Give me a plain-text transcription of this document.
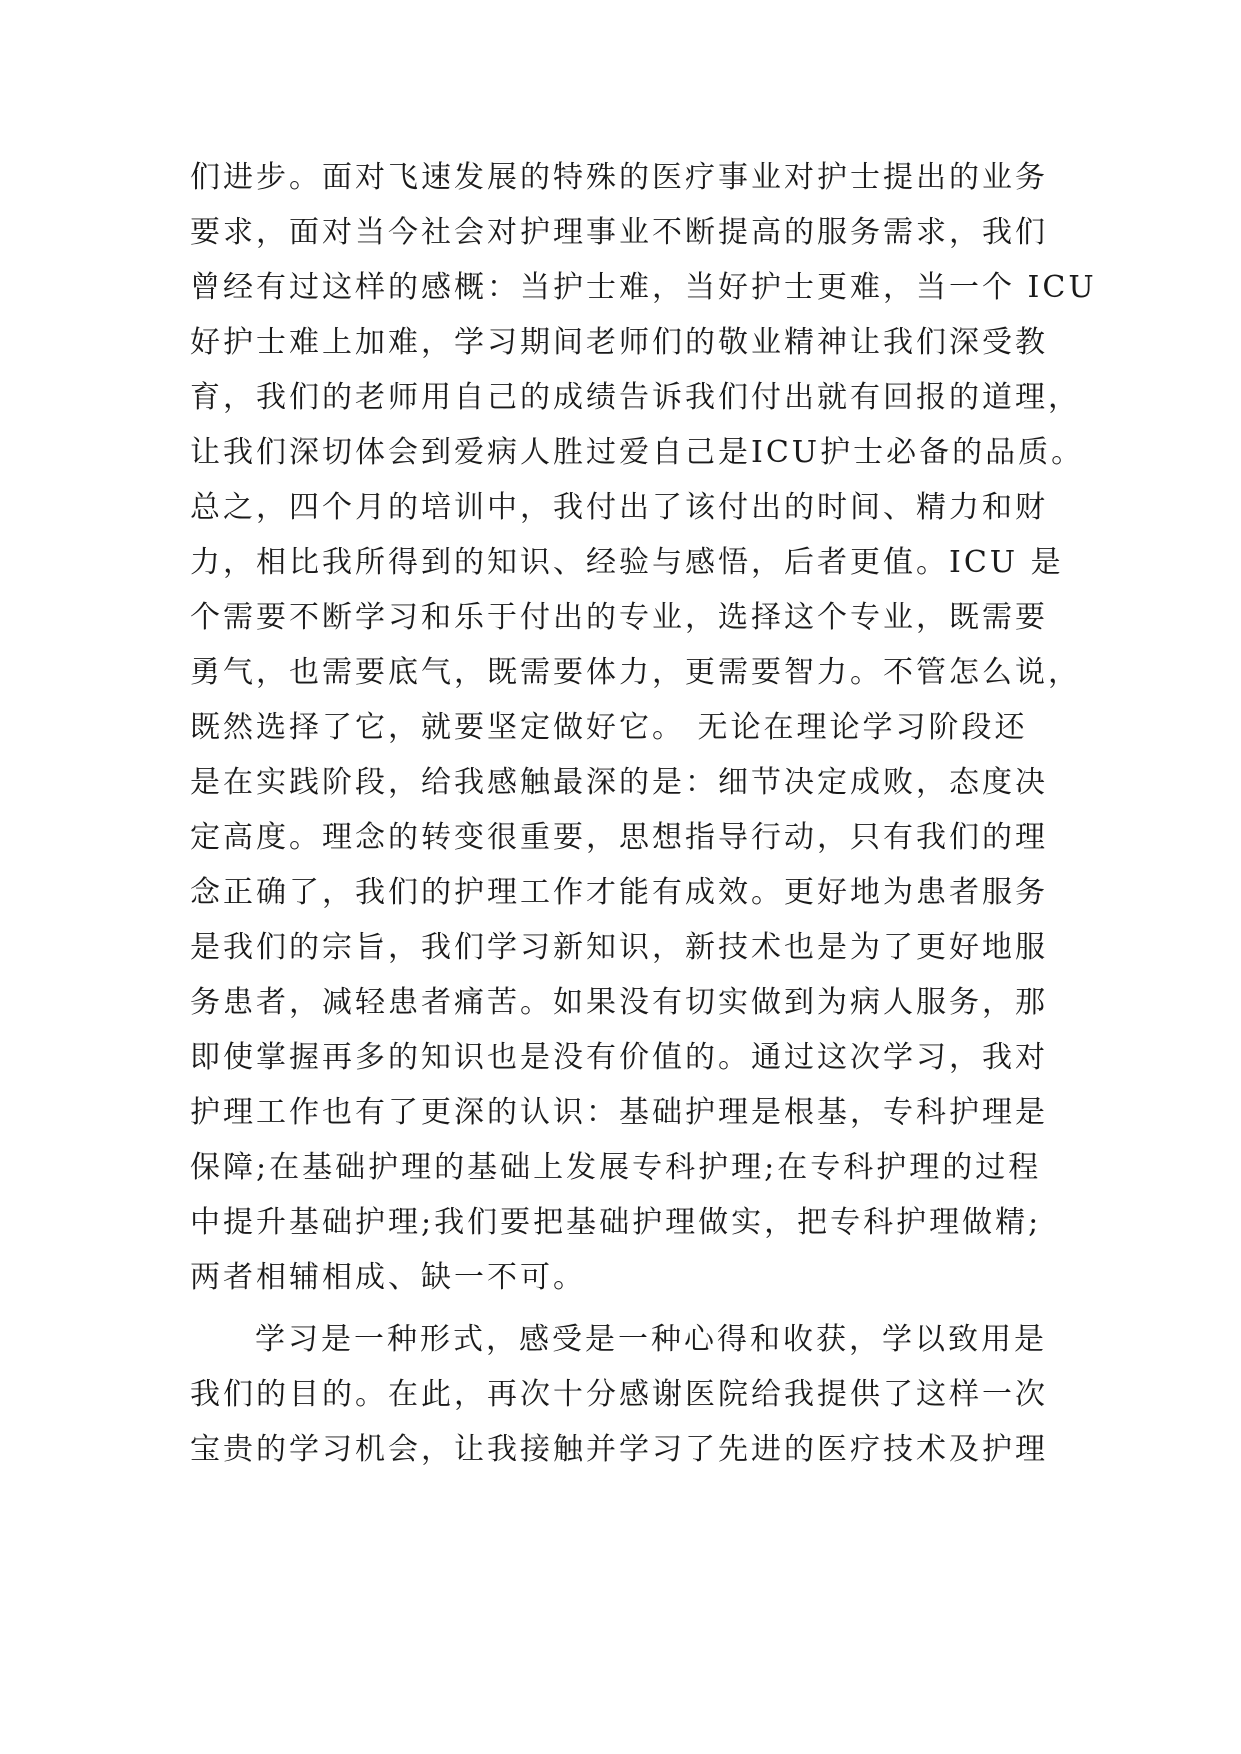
们进步。面对飞速发展的特殊的医疗事业对护士提出的业务
要求，面对当今社会对护理事业不断提高的服务需求，我们
曾经有过这样的感概：当护士难，当好护士更难，当一个 ICU
好护士难上加难，学习期间老师们的敬业精神让我们深受教
育，我们的老师用自己的成绩告诉我们付出就有回报的道理，
让我们深切体会到爱病人胜过爱自己是ICU护士必备的品质。
总之，四个月的培训中，我付出了该付出的时间、精力和财
力，相比我所得到的知识、经验与感悟，后者更值。ICU 是
个需要不断学习和乐于付出的专业，选择这个专业，既需要
勇气，也需要底气，既需要体力，更需要智力。不管怎么说，
既然选择了它，就要坚定做好它。 无论在理论学习阶段还
是在实践阶段，给我感触最深的是：细节决定成败，态度决
定高度。理念的转变很重要，思想指导行动，只有我们的理
念正确了，我们的护理工作才能有成效。更好地为患者服务
是我们的宗旨，我们学习新知识，新技术也是为了更好地服
务患者，减轻患者痛苦。如果没有切实做到为病人服务，那
即使掌握再多的知识也是没有价值的。通过这次学习，我对
护理工作也有了更深的认识：基础护理是根基，专科护理是
保障;在基础护理的基础上发展专科护理;在专科护理的过程
中提升基础护理;我们要把基础护理做实，把专科护理做精;
两者相辅相成、缺一不可。
学习是一种形式，感受是一种心得和收获，学以致用是
我们的目的。在此，再次十分感谢医院给我提供了这样一次
宝贵的学习机会，让我接触并学习了先进的医疗技术及护理
